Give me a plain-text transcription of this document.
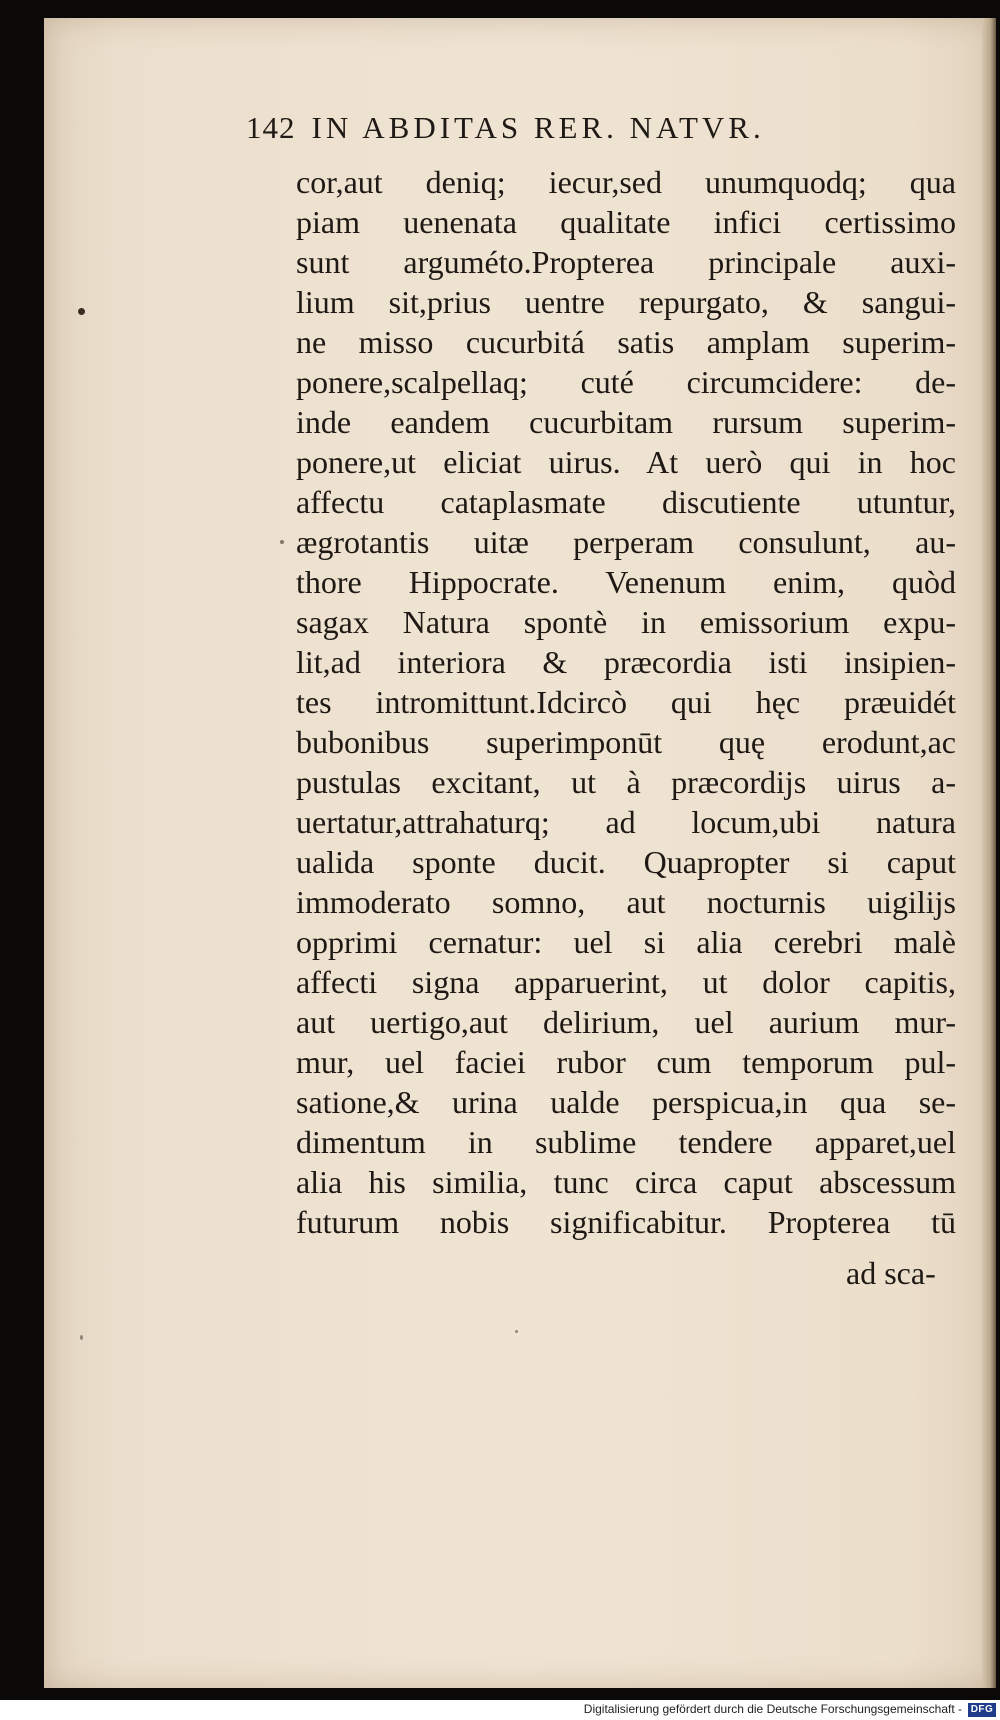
142 IN ABDITAS RER. NATVR.
cor,aut deniq; iecur,sed unumquodq; qua
piam uenenata qualitate infici certissimo
sunt arguméto.Propterea principale auxi-
lium sit,prius uentre repurgato, & sangui-
ne misso cucurbitá satis amplam superim-
ponere,scalpellaq; cuté circumcidere: de-
inde eandem cucurbitam rursum superim-
ponere,ut eliciat uirus. At uerò qui in hoc
affectu cataplasmate discutiente utuntur,
ægrotantis uitæ perperam consulunt, au-
thore Hippocrate. Venenum enim, quòd
sagax Natura spontè in emissorium expu-
lit,ad interiora & præcordia isti insipien-
tes intromittunt.Idcircò qui hęc præuidét
bubonibus superimponūt quę erodunt,ac
pustulas excitant, ut à præcordijs uirus a-
uertatur,attrahaturq; ad locum,ubi natura
ualida sponte ducit. Quapropter si caput
immoderato somno, aut nocturnis uigilijs
opprimi cernatur: uel si alia cerebri malè
affecti signa apparuerint, ut dolor capitis,
aut uertigo,aut delirium, uel aurium mur-
mur, uel faciei rubor cum temporum pul-
satione,& urina ualde perspicua,in qua se-
dimentum in sublime tendere apparet,uel
alia his similia, tunc circa caput abscessum
futurum nobis significabitur. Propterea tū
ad sca-
Digitalisierung gefördert durch die Deutsche Forschungsgemeinschaft - DFG
